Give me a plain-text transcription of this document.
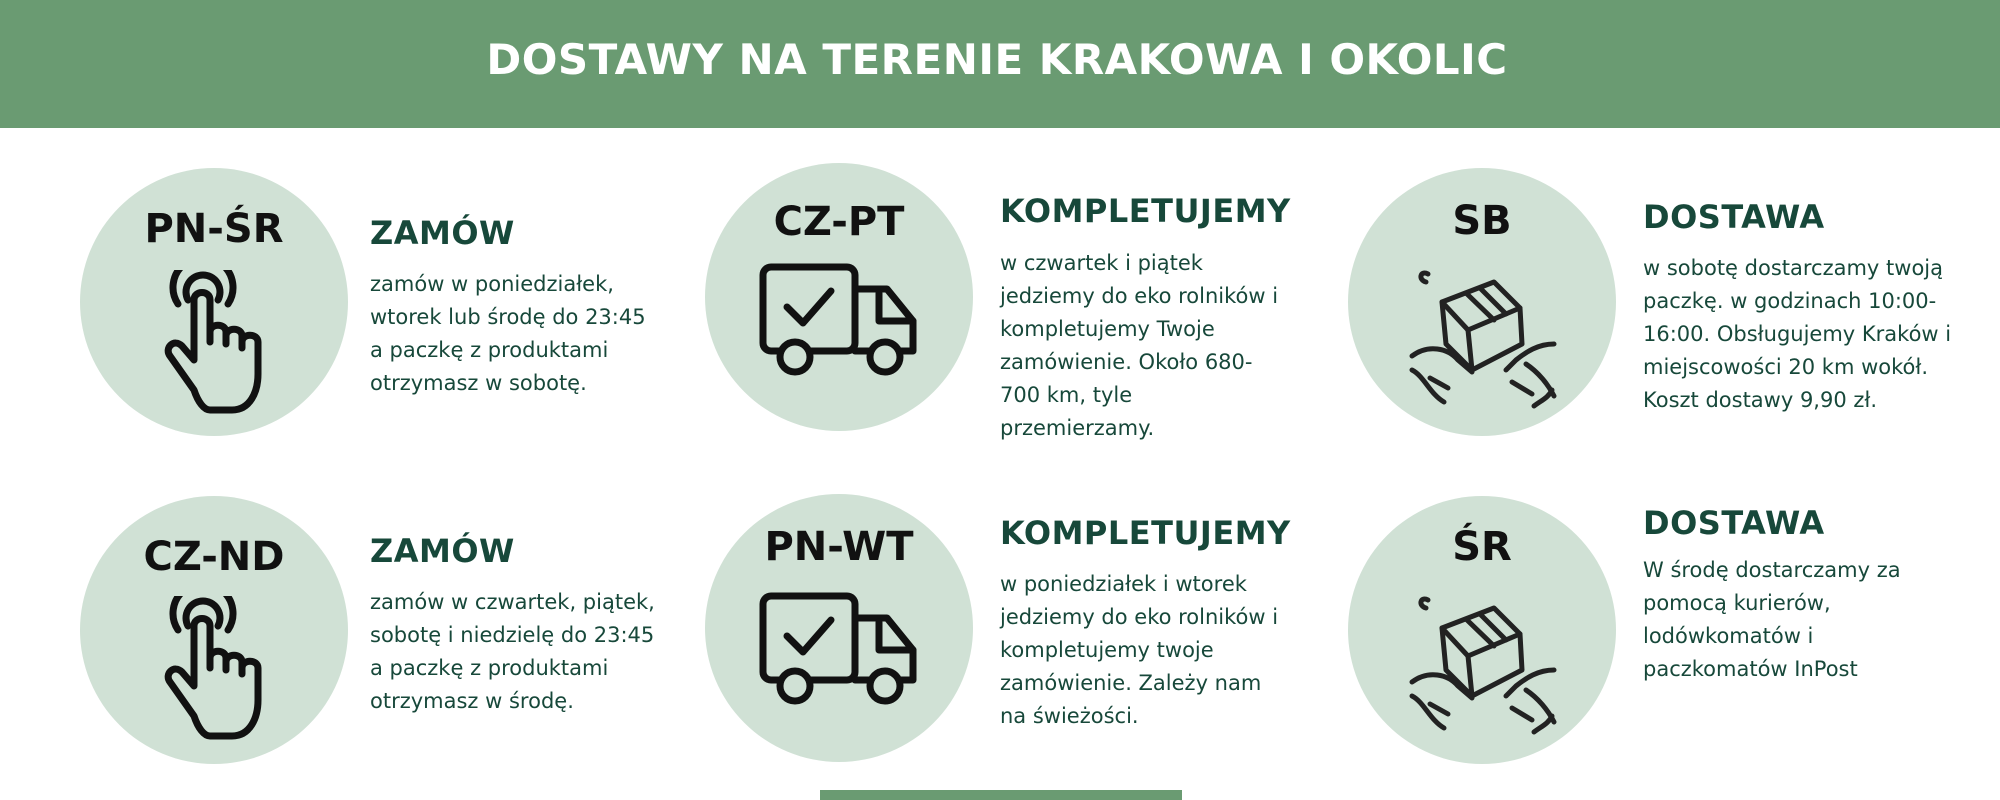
DOSTAWY NA TERENIE KRAKOWA I OKOLIC
PN-ŚR	ZAMÓW

zamów w poniedziałek, wtorek lub środę do 23:45 a paczkę z produktami otrzymasz w sobotę.

CZ-PT	KOMPLETUJEMY

w czwartek i piątek jedziemy do eko rolników i kompletujemy Twoje zamówienie. Około 680-700 km, tyle przemierzamy.

SB	DOSTAWA

w sobotę dostarczamy twoją paczkę. w godzinach 10:00-16:00. Obsługujemy Kraków i miejscowości 20 km wokół. Koszt dostawy 9,90 zł.

CZ-ND	ZAMÓW

zamów w czwartek, piątek, sobotę i niedzielę do 23:45 a paczkę z produktami otrzymasz w środę.

PN-WT	KOMPLETUJEMY

w poniedziałek i wtorek jedziemy do eko rolników i kompletujemy twoje zamówienie. Zależy nam na świeżości.

ŚR
DOSTAWA

W środę dostarczamy za pomocą kurierów, lodówkomatów i paczkomatów InPost
